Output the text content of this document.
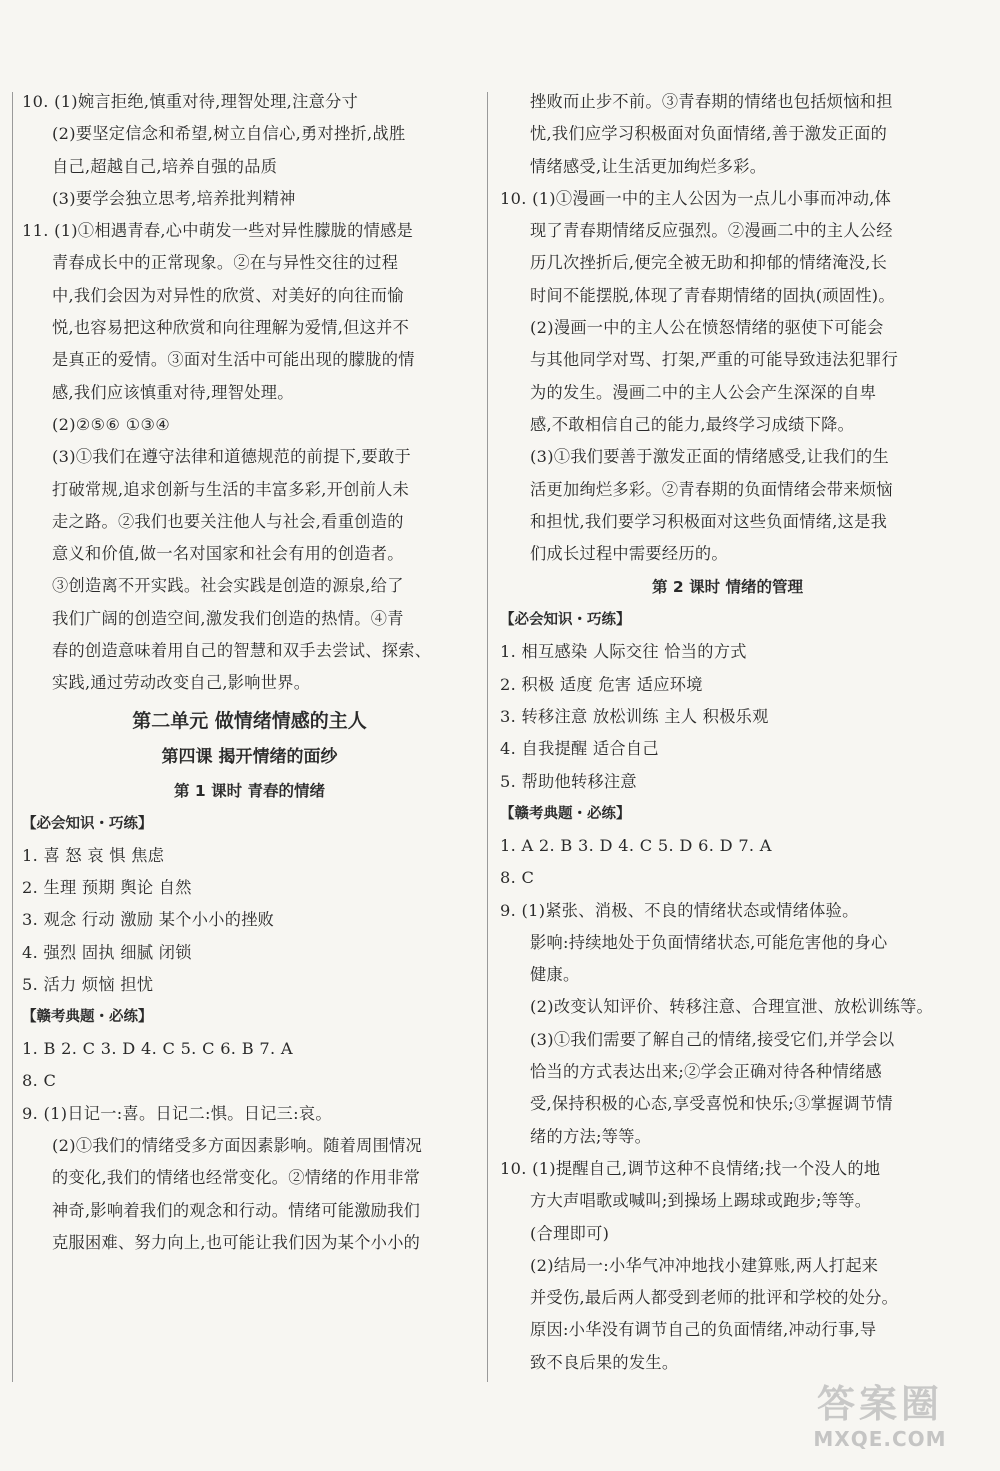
10. (1)婉言拒绝,慎重对待,理智处理,注意分寸
(2)要坚定信念和希望,树立自信心,勇对挫折,战胜
自己,超越自己,培养自强的品质
(3)要学会独立思考,培养批判精神
11. (1)①相遇青春,心中萌发一些对异性朦胧的情感是
青春成长中的正常现象。②在与异性交往的过程
中,我们会因为对异性的欣赏、对美好的向往而愉
悦,也容易把这种欣赏和向往理解为爱情,但这并不
是真正的爱情。③面对生活中可能出现的朦胧的情
感,我们应该慎重对待,理智处理。
(2)②⑤⑥ ①③④
(3)①我们在遵守法律和道德规范的前提下,要敢于
打破常规,追求创新与生活的丰富多彩,开创前人未
走之路。②我们也要关注他人与社会,看重创造的
意义和价值,做一名对国家和社会有用的创造者。
③创造离不开实践。社会实践是创造的源泉,给了
我们广阔的创造空间,激发我们创造的热情。④青
春的创造意味着用自己的智慧和双手去尝试、探索、
实践,通过劳动改变自己,影响世界。
第二单元 做情绪情感的主人
第四课 揭开情绪的面纱
第 1 课时 青春的情绪
【必会知识・巧练】
1. 喜 怒 哀 惧 焦虑
2. 生理 预期 舆论 自然
3. 观念 行动 激励 某个小小的挫败
4. 强烈 固执 细腻 闭锁
5. 活力 烦恼 担忧
【赣考典题・必练】
1. B 2. C 3. D 4. C 5. C 6. B 7. A
8. C
9. (1)日记一:喜。日记二:惧。日记三:哀。
(2)①我们的情绪受多方面因素影响。随着周围情况
的变化,我们的情绪也经常变化。②情绪的作用非常
神奇,影响着我们的观念和行动。情绪可能激励我们
克服困难、努力向上,也可能让我们因为某个小小的
挫败而止步不前。③青春期的情绪也包括烦恼和担
忧,我们应学习积极面对负面情绪,善于激发正面的
情绪感受,让生活更加绚烂多彩。
10. (1)①漫画一中的主人公因为一点儿小事而冲动,体
现了青春期情绪反应强烈。②漫画二中的主人公经
历几次挫折后,便完全被无助和抑郁的情绪淹没,长
时间不能摆脱,体现了青春期情绪的固执(顽固性)。
(2)漫画一中的主人公在愤怒情绪的驱使下可能会
与其他同学对骂、打架,严重的可能导致违法犯罪行
为的发生。漫画二中的主人公会产生深深的自卑
感,不敢相信自己的能力,最终学习成绩下降。
(3)①我们要善于激发正面的情绪感受,让我们的生
活更加绚烂多彩。②青春期的负面情绪会带来烦恼
和担忧,我们要学习积极面对这些负面情绪,这是我
们成长过程中需要经历的。
第 2 课时 情绪的管理
【必会知识・巧练】
1. 相互感染 人际交往 恰当的方式
2. 积极 适度 危害 适应环境
3. 转移注意 放松训练 主人 积极乐观
4. 自我提醒 适合自己
5. 帮助他转移注意
【赣考典题・必练】
1. A 2. B 3. D 4. C 5. D 6. D 7. A
8. C
9. (1)紧张、消极、不良的情绪状态或情绪体验。
影响:持续地处于负面情绪状态,可能危害他的身心
健康。
(2)改变认知评价、转移注意、合理宣泄、放松训练等。
(3)①我们需要了解自己的情绪,接受它们,并学会以
恰当的方式表达出来;②学会正确对待各种情绪感
受,保持积极的心态,享受喜悦和快乐;③掌握调节情
绪的方法;等等。
10. (1)提醒自己,调节这种不良情绪;找一个没人的地
方大声唱歌或喊叫;到操场上踢球或跑步;等等。
(合理即可)
(2)结局一:小华气冲冲地找小建算账,两人打起来
并受伤,最后两人都受到老师的批评和学校的处分。
原因:小华没有调节自己的负面情绪,冲动行事,导
致不良后果的发生。
答案圈
MXQE.COM
